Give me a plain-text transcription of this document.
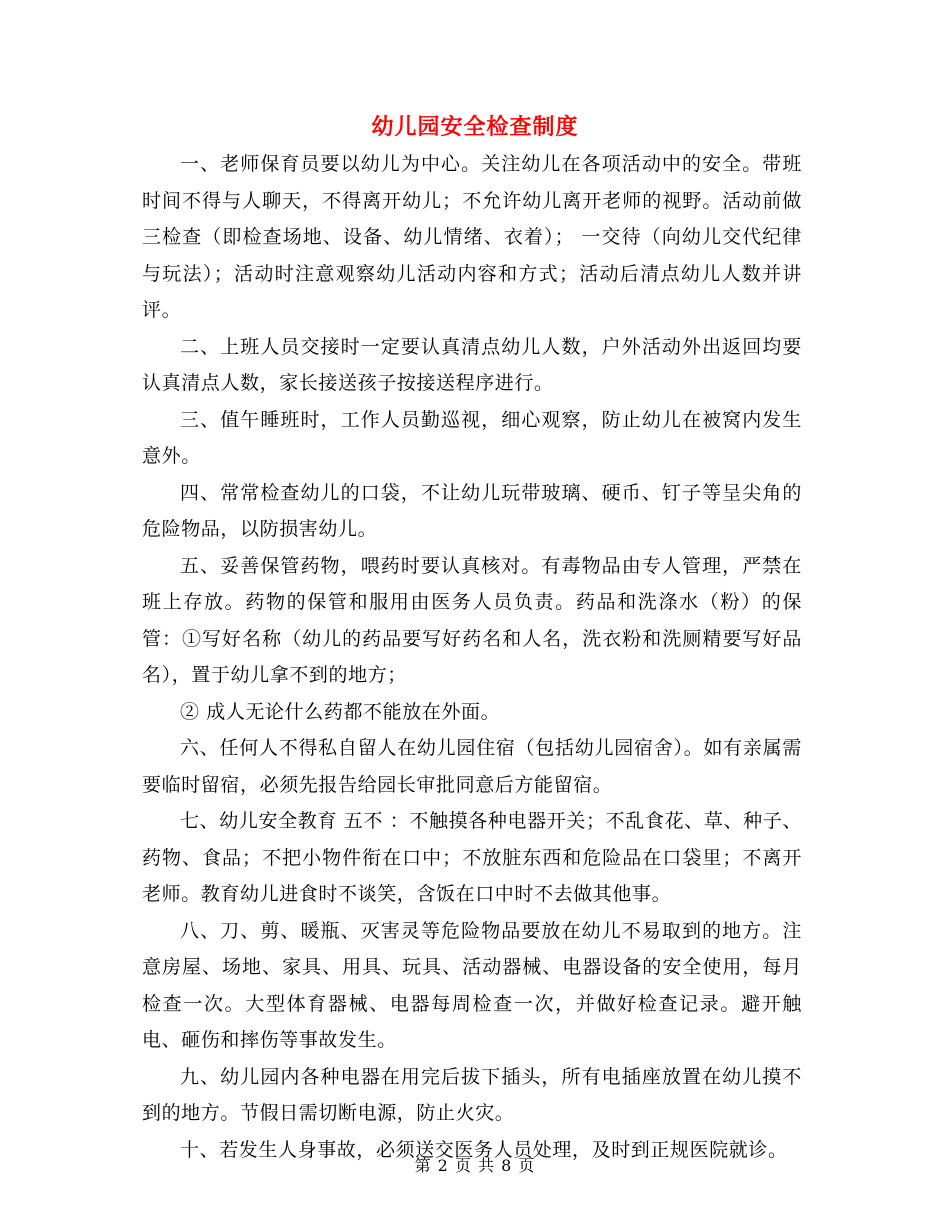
幼儿园安全检查制度

一、老师保育员要以幼儿为中心。关注幼儿在各项活动中的安全。带班时间不得与人聊天，不得离开幼儿；不允许幼儿离开老师的视野。活动前做 三检查（即检查场地、设备、幼儿情绪、衣着）； 一交待（向幼儿交代纪律与玩法）；活动时注意观察幼儿活动内容和方式；活动后清点幼儿人数并讲评。

二、上班人员交接时一定要认真清点幼儿人数，户外活动外出返回均要认真清点人数，家长接送孩子按接送程序进行。

三、值午睡班时，工作人员勤巡视，细心观察，防止幼儿在被窝内发生意外。

四、常常检查幼儿的口袋，不让幼儿玩带玻璃、硬币、钉子等呈尖角的危险物品，以防损害幼儿。

五、妥善保管药物，喂药时要认真核对。有毒物品由专人管理，严禁在班上存放。药物的保管和服用由医务人员负责。药品和洗涤水（粉）的保管：①写好名称（幼儿的药品要写好药名和人名，洗衣粉和洗厕精要写好品名），置于幼儿拿不到的地方；

② 成人无论什么药都不能放在外面。

六、任何人不得私自留人在幼儿园住宿（包括幼儿园宿舍）。如有亲属需要临时留宿，必须先报告给园长审批同意后方能留宿。

七、幼儿安全教育 五不 ：不触摸各种电器开关；不乱食花、草、种子、药物、食品；不把小物件衔在口中；不放脏东西和危险品在口袋里；不离开老师。教育幼儿进食时不谈笑，含饭在口中时不去做其他事。

八、刀、剪、暖瓶、灭害灵等危险物品要放在幼儿不易取到的地方。注意房屋、场地、家具、用具、玩具、活动器械、电器设备的安全使用，每月检查一次。大型体育器械、电器每周检查一次，并做好检查记录。避开触电、砸伤和摔伤等事故发生。

九、幼儿园内各种电器在用完后拔下插头，所有电插座放置在幼儿摸不到的地方。节假日需切断电源，防止火灾。

十、若发生人身事故，必须送交医务人员处理，及时到正规医院就诊。

第 2 页 共 8 页
